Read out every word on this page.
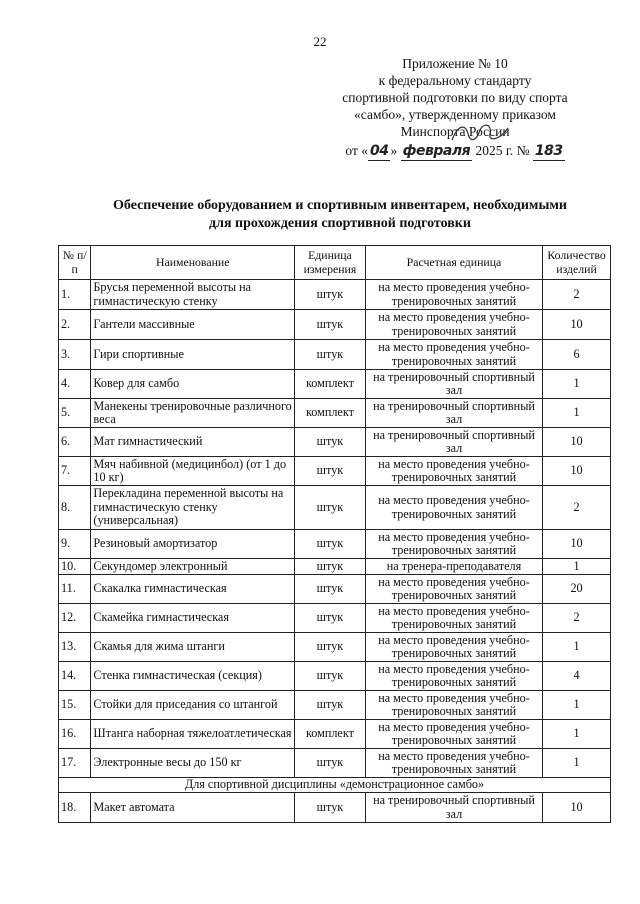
22
Приложение № 10
к федеральному стандарту
спортивной подготовки по виду спорта
«самбо», утвержденному приказом
Минспорта России
от « 04 » февраля 2025 г. № 183
Обеспечение оборудованием и спортивным инвентарем, необходимыми
для прохождения спортивной подготовки
№ п/п	Наименование	Единица измерения	Расчетная единица	Количество изделий
1.	Брусья переменной высоты на гимнастическую стенку	штук	на место проведения учебно-тренировочных занятий	2
2.	Гантели массивные	штук	на место проведения учебно-тренировочных занятий	10
3.	Гири спортивные	штук	на место проведения учебно-тренировочных занятий	6
4.	Ковер для самбо	комплект	на тренировочный спортивный зал	1
5.	Манекены тренировочные различного веса	комплект	на тренировочный спортивный зал	1
6.	Мат гимнастический	штук	на тренировочный спортивный зал	10
7.	Мяч набивной (медицинбол) (от 1 до 10 кг)	штук	на место проведения учебно-тренировочных занятий	10
8.	Перекладина переменной высоты на гимнастическую стенку (универсальная)	штук	на место проведения учебно-тренировочных занятий	2
9.	Резиновый амортизатор	штук	на место проведения учебно-тренировочных занятий	10
10.	Секундомер электронный	штук	на тренера-преподавателя	1
11.	Скакалка гимнастическая	штук	на место проведения учебно-тренировочных занятий	20
12.	Скамейка гимнастическая	штук	на место проведения учебно-тренировочных занятий	2
13.	Скамья для жима штанги	штук	на место проведения учебно-тренировочных занятий	1
14.	Стенка гимнастическая (секция)	штук	на место проведения учебно-тренировочных занятий	4
15.	Стойки для приседания со штангой	штук	на место проведения учебно-тренировочных занятий	1
16.	Штанга наборная тяжелоатлетическая	комплект	на место проведения учебно-тренировочных занятий	1
17.	Электронные весы до 150 кг	штук	на место проведения учебно-тренировочных занятий	1
Для спортивной дисциплины «демонстрационное самбо»				
18.	Макет автомата	штук	на тренировочный спортивный зал	10
